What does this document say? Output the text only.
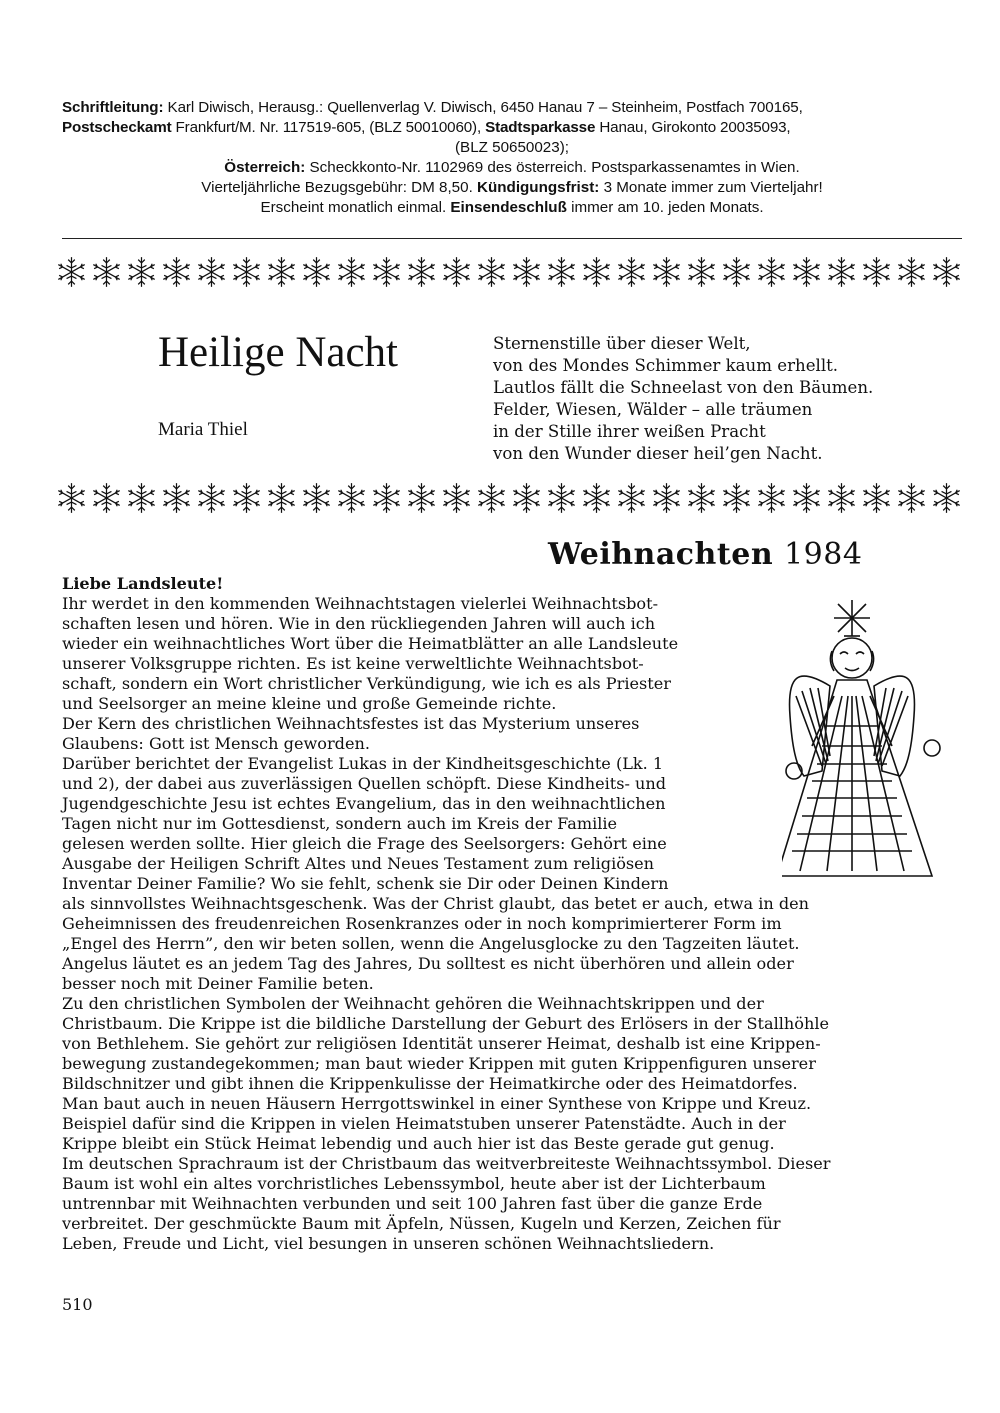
Schriftleitung: Karl Diwisch, Herausg.: Quellenverlag V. Diwisch, 6450 Hanau 7 – Steinheim, Postfach 700165,
Postscheckamt Frankfurt/M. Nr. 117519-605, (BLZ 50010060), Stadtsparkasse Hanau, Girokonto 20035093,
(BLZ 50650023);
Österreich: Scheckkonto-Nr. 1102969 des österreich. Postsparkassenamtes in Wien.
Vierteljährliche Bezugsgebühr: DM 8,50. Kündigungsfrist: 3 Monate immer zum Vierteljahr!
Erscheint monatlich einmal. Einsendeschluß immer am 10. jeden Monats.
Heilige Nacht
Maria Thiel
Sternenstille über dieser Welt,
von des Mondes Schimmer kaum erhellt.
Lautlos fällt die Schneelast von den Bäumen.
Felder, Wiesen, Wälder – alle träumen
in der Stille ihrer weißen Pracht
von den Wunder dieser heil’gen Nacht.
Weihnachten 1984
Liebe Landsleute!
Ihr werdet in den kommenden Weihnachtstagen vielerlei Weihnachtsbot-
schaften lesen und hören. Wie in den rückliegenden Jahren will auch ich
wieder ein weihnachtliches Wort über die Heimatblätter an alle Landsleute
unserer Volksgruppe richten. Es ist keine verweltlichte Weihnachtsbot-
schaft, sondern ein Wort christlicher Verkündigung, wie ich es als Priester
und Seelsorger an meine kleine und große Gemeinde richte.
Der Kern des christlichen Weihnachtsfestes ist das Mysterium unseres
Glaubens: Gott ist Mensch geworden.
Darüber berichtet der Evangelist Lukas in der Kindheitsgeschichte (Lk. 1
und 2), der dabei aus zuverlässigen Quellen schöpft. Diese Kindheits- und
Jugendgeschichte Jesu ist echtes Evangelium, das in den weihnachtlichen
Tagen nicht nur im Gottesdienst, sondern auch im Kreis der Familie
gelesen werden sollte. Hier gleich die Frage des Seelsorgers: Gehört eine
Ausgabe der Heiligen Schrift Altes und Neues Testament zum religiösen
Inventar Deiner Familie? Wo sie fehlt, schenk sie Dir oder Deinen Kindern
als sinnvollstes Weihnachtsgeschenk. Was der Christ glaubt, das betet er auch, etwa in den
Geheimnissen des freudenreichen Rosenkranzes oder in noch komprimierterer Form im
„Engel des Herrn”, den wir beten sollen, wenn die Angelusglocke zu den Tagzeiten läutet.
Angelus läutet es an jedem Tag des Jahres, Du solltest es nicht überhören und allein oder
besser noch mit Deiner Familie beten.
Zu den christlichen Symbolen der Weihnacht gehören die Weihnachtskrippen und der
Christbaum. Die Krippe ist die bildliche Darstellung der Geburt des Erlösers in der Stallhöhle
von Bethlehem. Sie gehört zur religiösen Identität unserer Heimat, deshalb ist eine Krippen-
bewegung zustandegekommen; man baut wieder Krippen mit guten Krippenfiguren unserer
Bildschnitzer und gibt ihnen die Krippenkulisse der Heimatkirche oder des Heimatdorfes.
Man baut auch in neuen Häusern Herrgottswinkel in einer Synthese von Krippe und Kreuz.
Beispiel dafür sind die Krippen in vielen Heimatstuben unserer Patenstädte. Auch in der
Krippe bleibt ein Stück Heimat lebendig und auch hier ist das Beste gerade gut genug.
Im deutschen Sprachraum ist der Christbaum das weitverbreiteste Weihnachtssymbol. Dieser
Baum ist wohl ein altes vorchristliches Lebenssymbol, heute aber ist der Lichterbaum
untrennbar mit Weihnachten verbunden und seit 100 Jahren fast über die ganze Erde
verbreitet. Der geschmückte Baum mit Äpfeln, Nüssen, Kugeln und Kerzen, Zeichen für
Leben, Freude und Licht, viel besungen in unseren schönen Weihnachtsliedern.
510
